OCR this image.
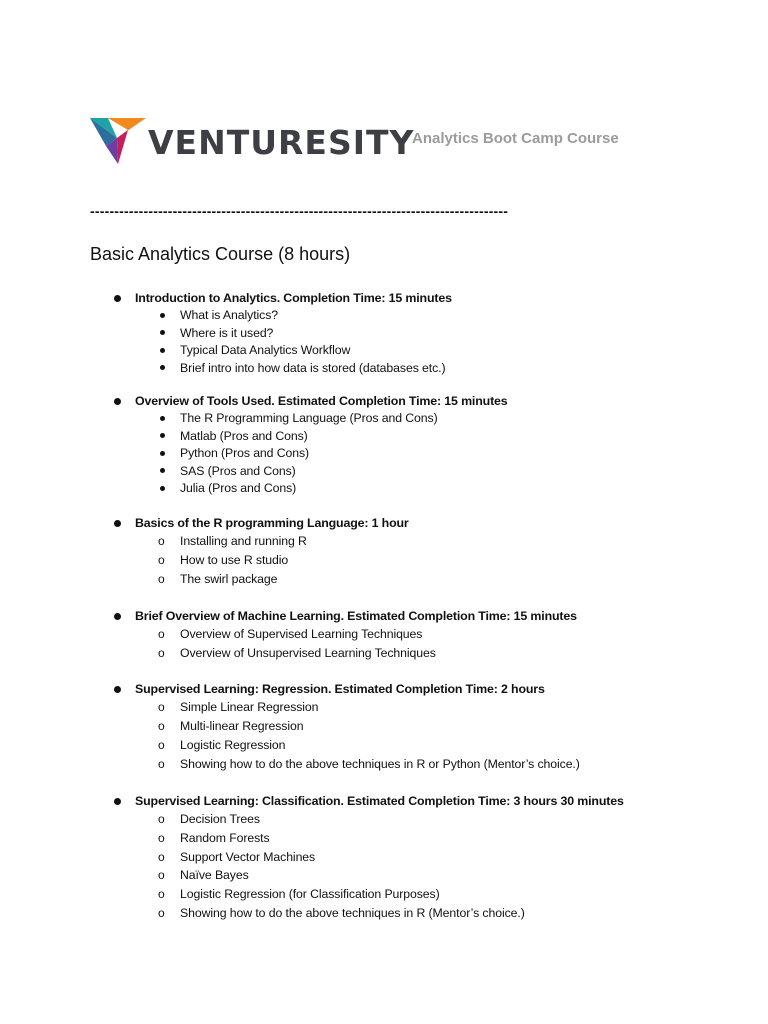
VENTURESITY
Analytics Boot Camp Course
--------------------------------------------------------------------------------------
Basic Analytics Course (8 hours)
Introduction to Analytics. Completion Time: 15 minutes
What is Analytics?
Where is it used?
Typical Data Analytics Workflow
Brief intro into how data is stored (databases etc.)
Overview of Tools Used. Estimated Completion Time: 15 minutes
The R Programming Language (Pros and Cons)
Matlab (Pros and Cons)
Python (Pros and Cons)
SAS (Pros and Cons)
Julia (Pros and Cons)
Basics of the R programming Language: 1 hour
o	Installing and running R
o	How to use R studio
o	The swirl package
Brief Overview of Machine Learning. Estimated Completion Time: 15 minutes
o	Overview of Supervised Learning Techniques
o	Overview of Unsupervised Learning Techniques
Supervised Learning: Regression. Estimated Completion Time: 2 hours
o	Simple Linear Regression
o	Multi-linear Regression
o	Logistic Regression
o	Showing how to do the above techniques in R or Python (Mentor’s choice.)
Supervised Learning: Classification. Estimated Completion Time: 3 hours 30 minutes
o	Decision Trees
o	Random Forests
o	Support Vector Machines
o	Naïve Bayes
o	Logistic Regression (for Classification Purposes)
o	Showing how to do the above techniques in R (Mentor’s choice.)
